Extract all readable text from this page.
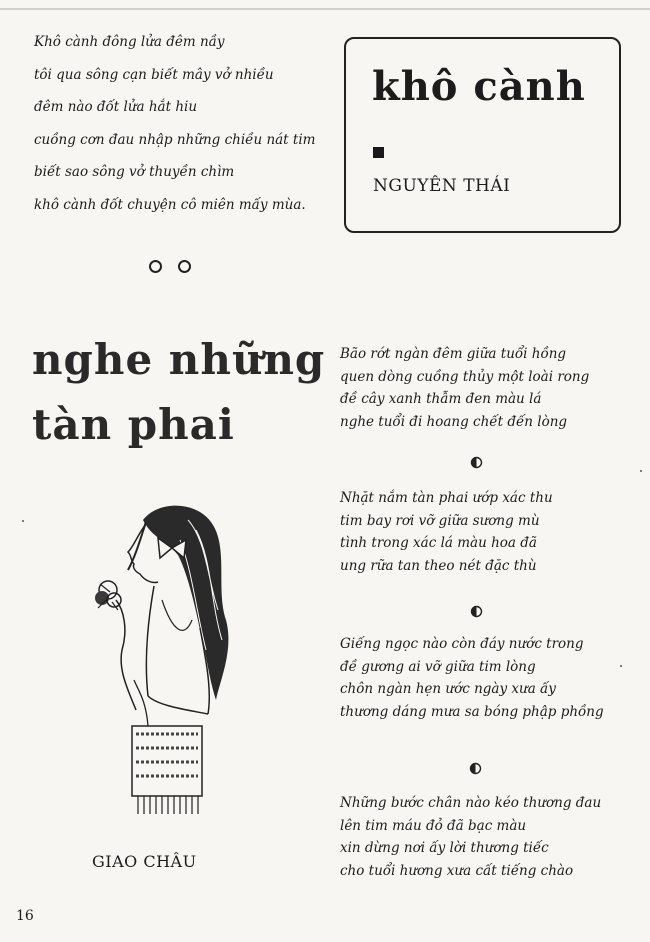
Khô cành đông lửa đêm nầy
tôi qua sông cạn biết mây vở nhiều
đêm nào đốt lửa hắt hiu
cuồng cơn đau nhập những chiều nát tim
biết sao sông vở thuyền chìm
khô cành đốt chuyện cô miên mấy mùa.
khô cành
NGUYÊN THÁI
nghe những
tàn phai
Bão rớt ngàn đêm giữa tuổi hồng
quen dòng cuồng thủy một loài rong
đề cây xanh thẫm đen màu lá
nghe tuổi đi hoang chết đến lòng
Nhặt nắm tàn phai ướp xác thu
tim bay rơi vỡ giữa sương mù
tình trong xác lá màu hoa đã
ung rữa tan theo nét đặc thù
Giếng ngọc nào còn đáy nước trong
đề gương ai vỡ giữa tim lòng
chôn ngàn hẹn ước ngày xưa ấy
thương dáng mưa sa bóng phập phồng
Những bước chân nào kéo thương đau
lên tim máu đỏ đã bạc màu
xin dừng nơi ấy lời thương tiếc
cho tuổi hương xưa cất tiếng chào
GIAO CHÂU
16
